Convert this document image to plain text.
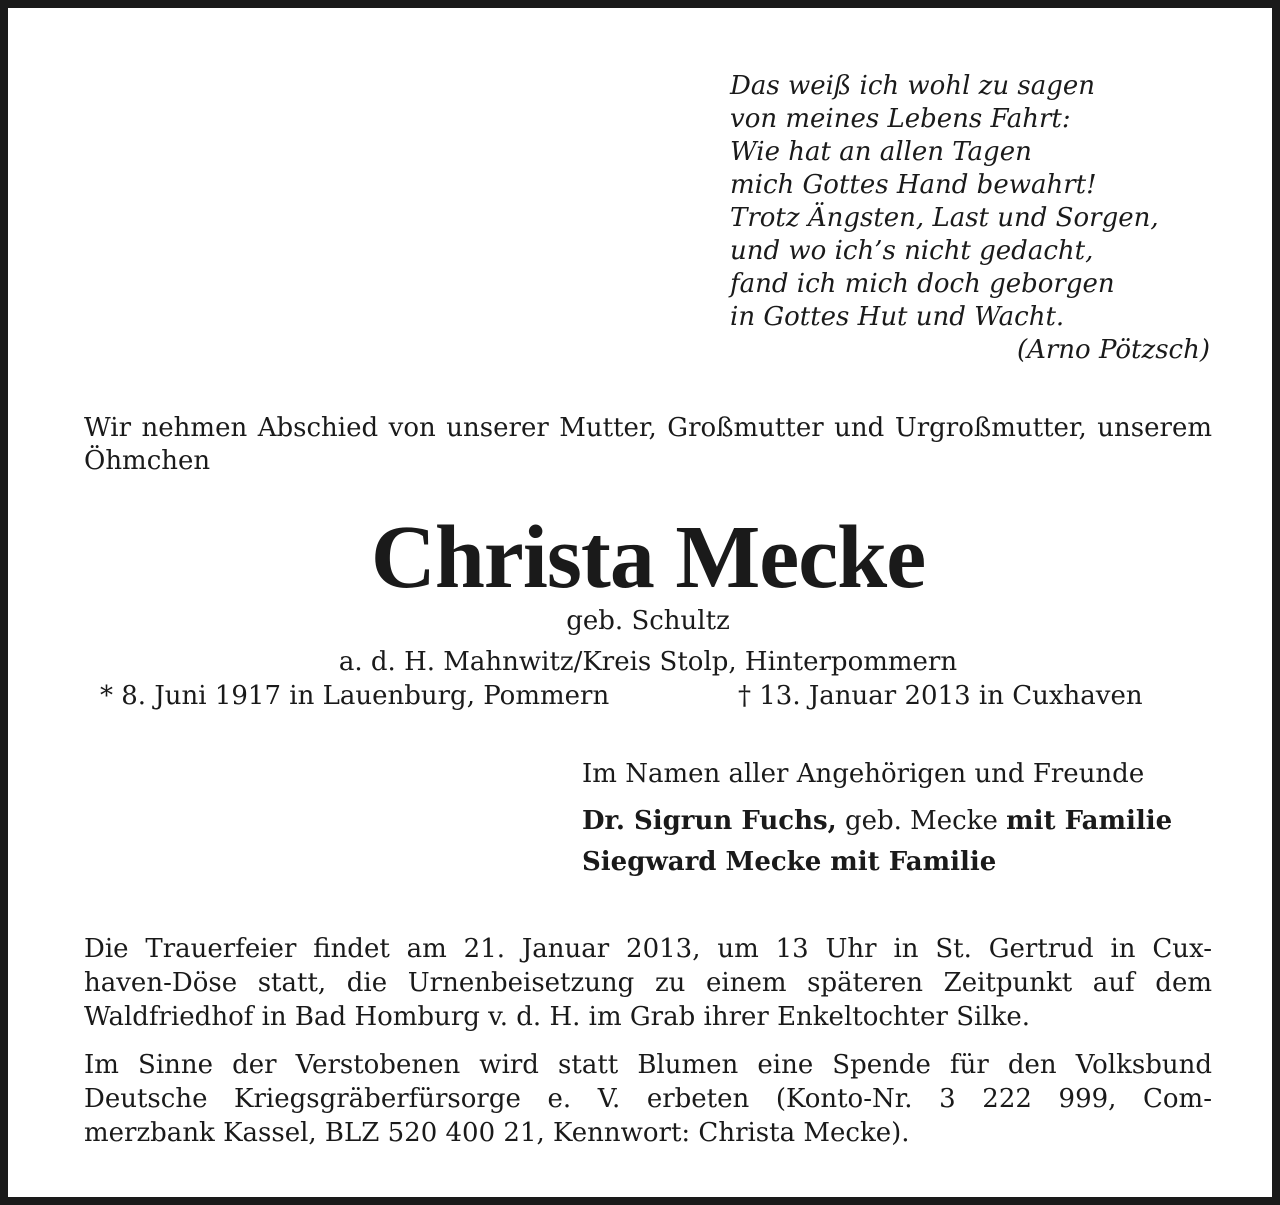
Das weiß ich wohl zu sagen
von meines Lebens Fahrt:
Wie hat an allen Tagen
mich Gottes Hand bewahrt!
Trotz Ängsten, Last und Sorgen,
und wo ich’s nicht gedacht,
fand ich mich doch geborgen
in Gottes Hut und Wacht.
(Arno Pötzsch)
Wir nehmen Abschied von unserer Mutter, Großmutter und Urgroßmutter, unserem Öhmchen
Christa Mecke
geb. Schultz
a. d. H. Mahnwitz/Kreis Stolp, Hinterpommern
* 8. Juni 1917 in Lauenburg, Pommern	† 13. Januar 2013 in Cuxhaven
Im Namen aller Angehörigen und Freunde
Dr. Sigrun Fuchs, geb. Mecke mit Familie
Siegward Mecke mit Familie
Die Trauerfeier findet am 21. Januar 2013, um 13 Uhr in St. Gertrud in Cux-
haven-Döse statt, die Urnenbeisetzung zu einem späteren Zeitpunkt auf dem
Waldfriedhof in Bad Homburg v. d. H. im Grab ihrer Enkeltochter Silke.
Im Sinne der Verstobenen wird statt Blumen eine Spende für den Volksbund
Deutsche Kriegsgräberfürsorge e. V. erbeten (Konto-Nr. 3 222 999, Com-
merzbank Kassel, BLZ 520 400 21, Kennwort: Christa Mecke).
